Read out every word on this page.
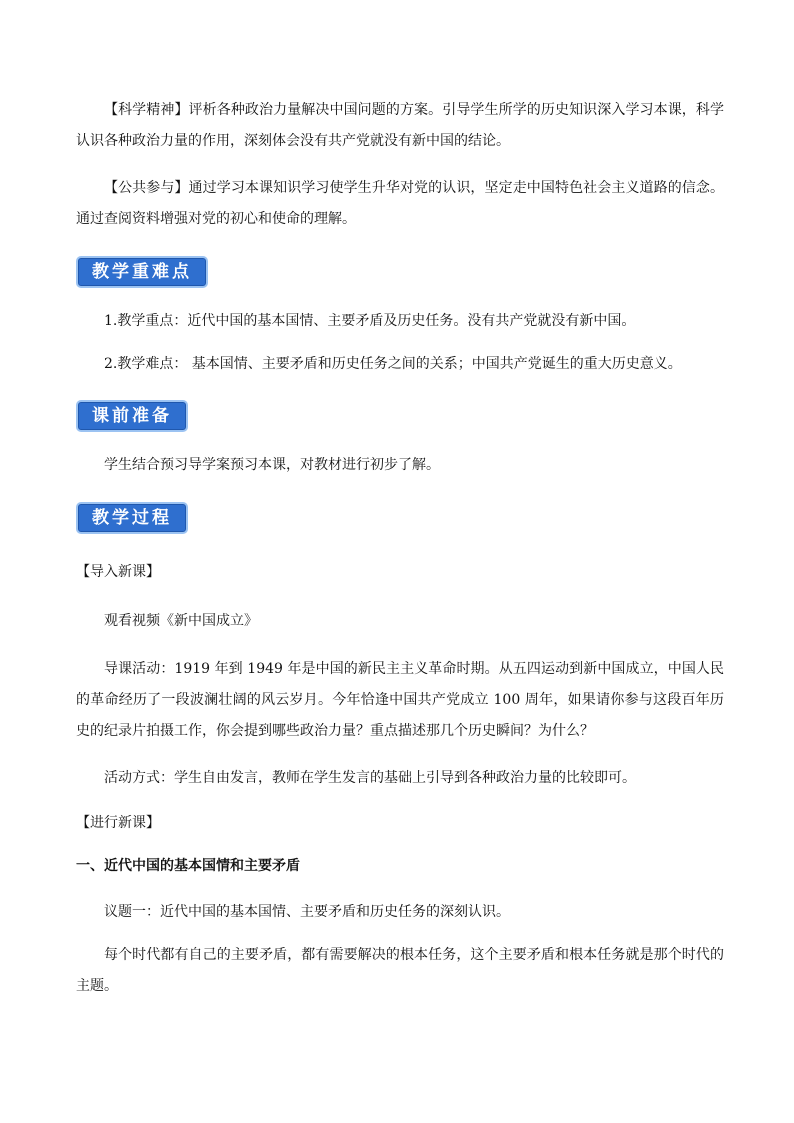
【科学精神】评析各种政治力量解决中国问题的方案。引导学生所学的历史知识深入学习本课，科学认识各种政治力量的作用，深刻体会没有共产党就没有新中国的结论。

【公共参与】通过学习本课知识学习使学生升华对党的认识，坚定走中国特色社会主义道路的信念。通过查阅资料增强对党的初心和使命的理解。

教学重难点

1.教学重点：近代中国的基本国情、主要矛盾及历史任务。没有共产党就没有新中国。

2.教学难点： 基本国情、主要矛盾和历史任务之间的关系；中国共产党诞生的重大历史意义。

课前准备

学生结合预习导学案预习本课，对教材进行初步了解。

教学过程
【导入新课】

观看视频《新中国成立》

导课活动：1919 年到 1949 年是中国的新民主主义革命时期。从五四运动到新中国成立，中国人民的革命经历了一段波澜壮阔的风云岁月。今年恰逢中国共产党成立 100 周年，如果请你参与这段百年历史的纪录片拍摄工作，你会提到哪些政治力量？重点描述那几个历史瞬间？为什么？

活动方式：学生自由发言，教师在学生发言的基础上引导到各种政治力量的比较即可。

【进行新课】
一、近代中国的基本国情和主要矛盾

议题一：近代中国的基本国情、主要矛盾和历史任务的深刻认识。

每个时代都有自己的主要矛盾，都有需要解决的根本任务，这个主要矛盾和根本任务就是那个时代的主题。
